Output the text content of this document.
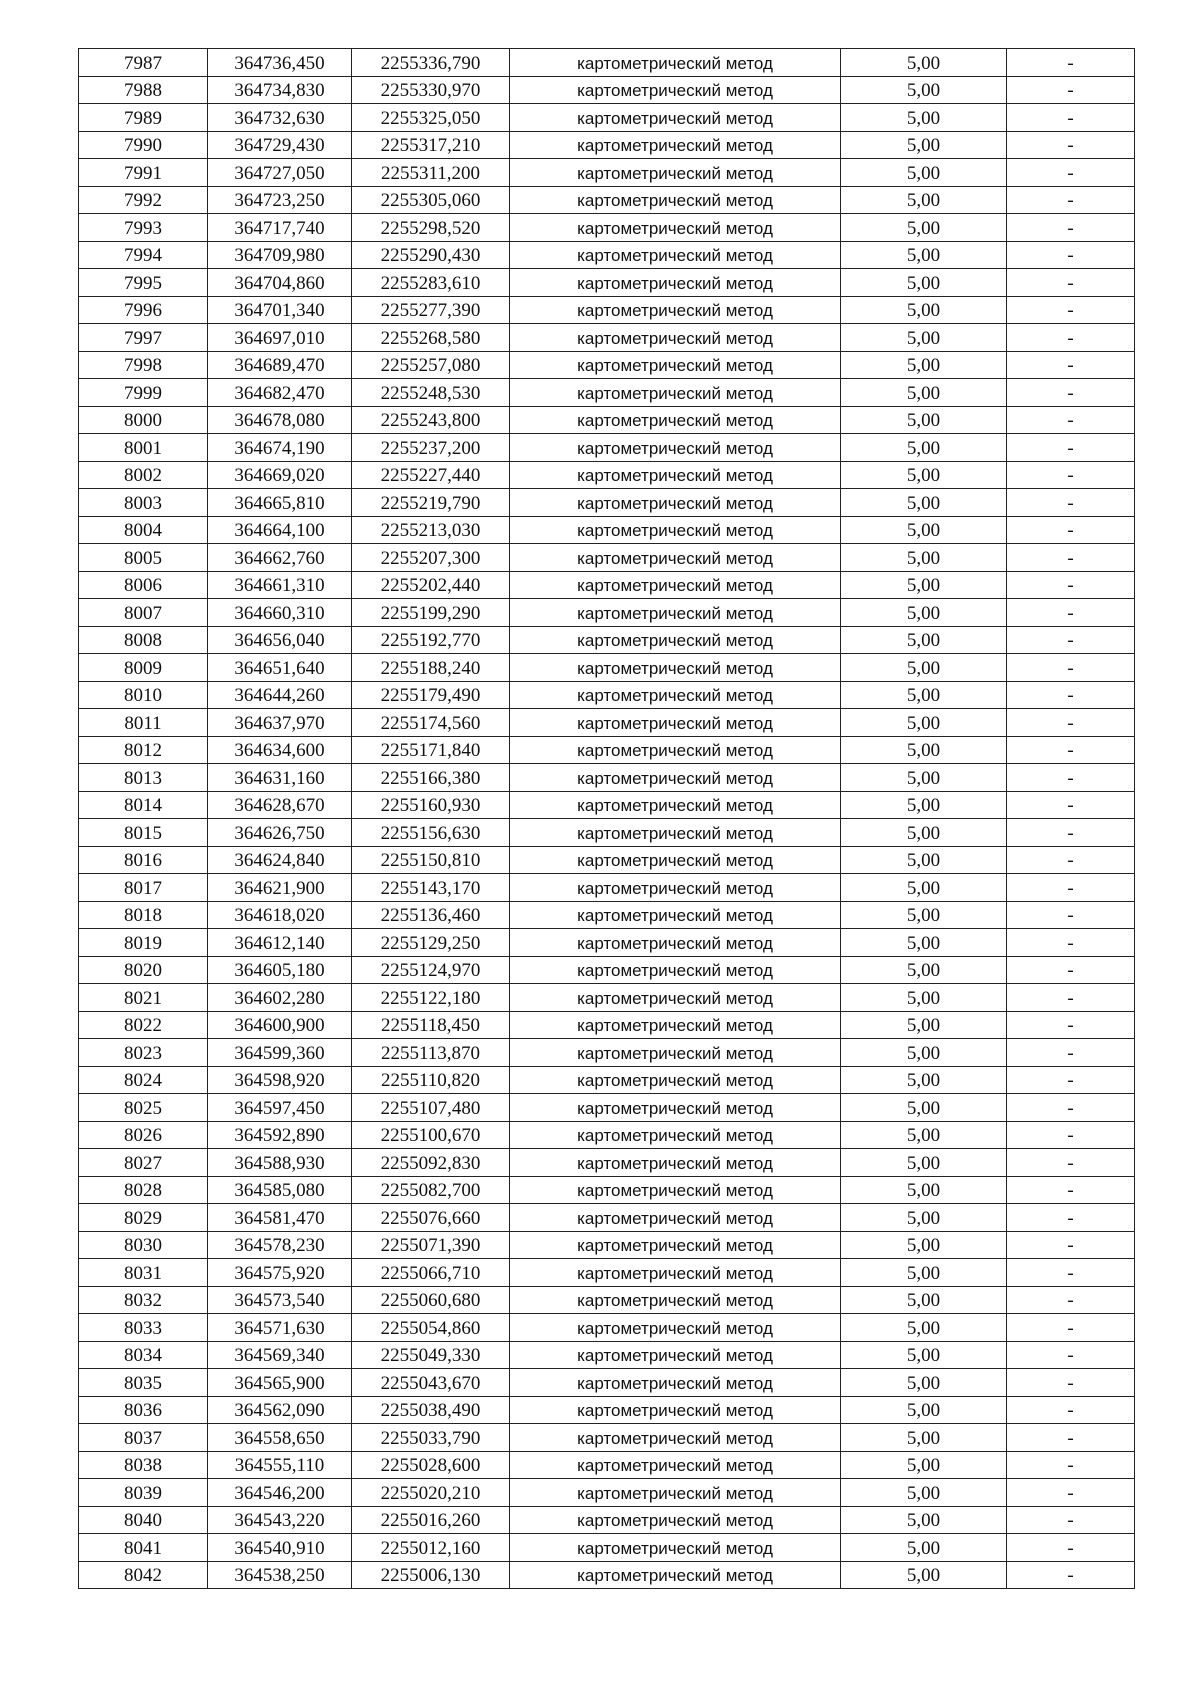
7987	364736,450	2255336,790	картометрический метод	5,00	-
7988	364734,830	2255330,970	картометрический метод	5,00	-
7989	364732,630	2255325,050	картометрический метод	5,00	-
7990	364729,430	2255317,210	картометрический метод	5,00	-
7991	364727,050	2255311,200	картометрический метод	5,00	-
7992	364723,250	2255305,060	картометрический метод	5,00	-
7993	364717,740	2255298,520	картометрический метод	5,00	-
7994	364709,980	2255290,430	картометрический метод	5,00	-
7995	364704,860	2255283,610	картометрический метод	5,00	-
7996	364701,340	2255277,390	картометрический метод	5,00	-
7997	364697,010	2255268,580	картометрический метод	5,00	-
7998	364689,470	2255257,080	картометрический метод	5,00	-
7999	364682,470	2255248,530	картометрический метод	5,00	-
8000	364678,080	2255243,800	картометрический метод	5,00	-
8001	364674,190	2255237,200	картометрический метод	5,00	-
8002	364669,020	2255227,440	картометрический метод	5,00	-
8003	364665,810	2255219,790	картометрический метод	5,00	-
8004	364664,100	2255213,030	картометрический метод	5,00	-
8005	364662,760	2255207,300	картометрический метод	5,00	-
8006	364661,310	2255202,440	картометрический метод	5,00	-
8007	364660,310	2255199,290	картометрический метод	5,00	-
8008	364656,040	2255192,770	картометрический метод	5,00	-
8009	364651,640	2255188,240	картометрический метод	5,00	-
8010	364644,260	2255179,490	картометрический метод	5,00	-
8011	364637,970	2255174,560	картометрический метод	5,00	-
8012	364634,600	2255171,840	картометрический метод	5,00	-
8013	364631,160	2255166,380	картометрический метод	5,00	-
8014	364628,670	2255160,930	картометрический метод	5,00	-
8015	364626,750	2255156,630	картометрический метод	5,00	-
8016	364624,840	2255150,810	картометрический метод	5,00	-
8017	364621,900	2255143,170	картометрический метод	5,00	-
8018	364618,020	2255136,460	картометрический метод	5,00	-
8019	364612,140	2255129,250	картометрический метод	5,00	-
8020	364605,180	2255124,970	картометрический метод	5,00	-
8021	364602,280	2255122,180	картометрический метод	5,00	-
8022	364600,900	2255118,450	картометрический метод	5,00	-
8023	364599,360	2255113,870	картометрический метод	5,00	-
8024	364598,920	2255110,820	картометрический метод	5,00	-
8025	364597,450	2255107,480	картометрический метод	5,00	-
8026	364592,890	2255100,670	картометрический метод	5,00	-
8027	364588,930	2255092,830	картометрический метод	5,00	-
8028	364585,080	2255082,700	картометрический метод	5,00	-
8029	364581,470	2255076,660	картометрический метод	5,00	-
8030	364578,230	2255071,390	картометрический метод	5,00	-
8031	364575,920	2255066,710	картометрический метод	5,00	-
8032	364573,540	2255060,680	картометрический метод	5,00	-
8033	364571,630	2255054,860	картометрический метод	5,00	-
8034	364569,340	2255049,330	картометрический метод	5,00	-
8035	364565,900	2255043,670	картометрический метод	5,00	-
8036	364562,090	2255038,490	картометрический метод	5,00	-
8037	364558,650	2255033,790	картометрический метод	5,00	-
8038	364555,110	2255028,600	картометрический метод	5,00	-
8039	364546,200	2255020,210	картометрический метод	5,00	-
8040	364543,220	2255016,260	картометрический метод	5,00	-
8041	364540,910	2255012,160	картометрический метод	5,00	-
8042	364538,250	2255006,130	картометрический метод	5,00	-
